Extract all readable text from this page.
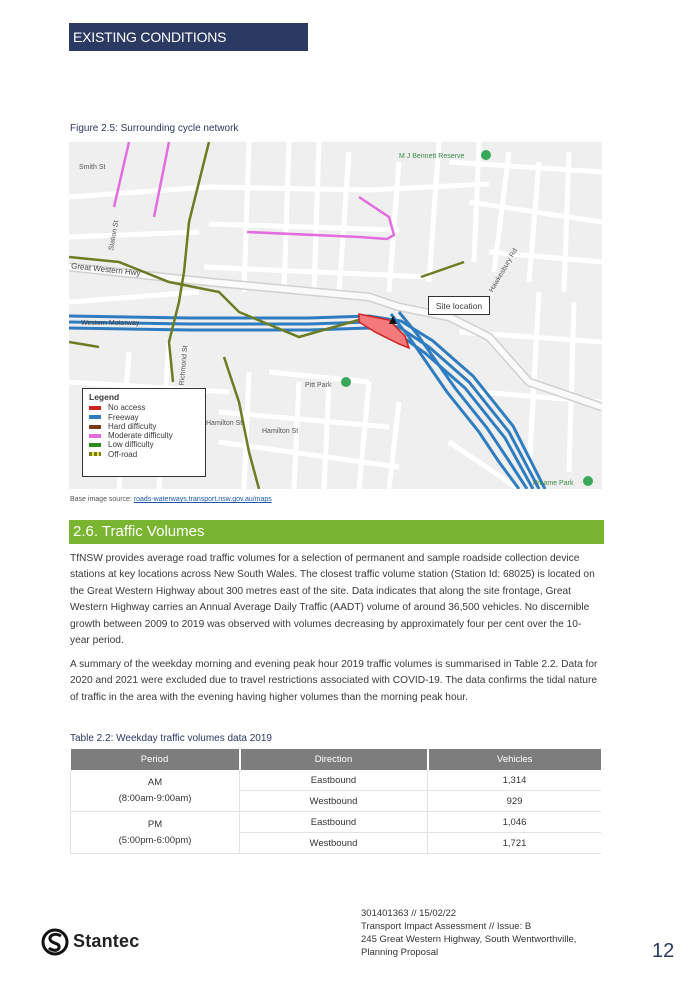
EXISTING CONDITIONS
Figure 2.5: Surrounding cycle network
Smith St
Station St
Great Western Hwy
Western Motorway
Pitt Park
M J Bennett Reserve
Freame Park
Hamilton St
Hamilton St
Richmond St
Hawkesbury Rd
Site location
Legend
No access
Freeway
Hard difficulty
Moderate difficulty
Low difficulty
Off-road
Base image source: roads-waterways.transport.nsw.gov.au/maps
2.6. Traffic Volumes

TfNSW provides average road traffic volumes for a selection of permanent and sample roadside collection device stations at key locations across New South Wales. The closest traffic volume station (Station Id: 68025) is located on the Great Western Highway about 300 metres east of the site. Data indicates that along the site frontage, Great Western Highway carries an Annual Average Daily Traffic (AADT) volume of around 36,500 vehicles. No discernible growth between 2009 to 2019 was observed with volumes decreasing by approximately four per cent over the 10-year period.

A summary of the weekday morning and evening peak hour 2019 traffic volumes is summarised in Table 2.2. Data for 2020 and 2021 were excluded due to travel restrictions associated with COVID-19. The data confirms the tidal nature of traffic in the area with the evening having higher volumes than the morning peak hour.

Table 2.2: Weekday traffic volumes data 2019
Period	Direction	Vehicles
AM
(8:00am-9:00am)	Eastbound	1,314
	Westbound	929
PM
(5:00pm-6:00pm)	Eastbound	1,046
	Westbound	1,721
Stantec
301401363 // 15/02/22
Transport Impact Assessment // Issue: B
245 Great Western Highway, South Wentworthville,
Planning Proposal	12
